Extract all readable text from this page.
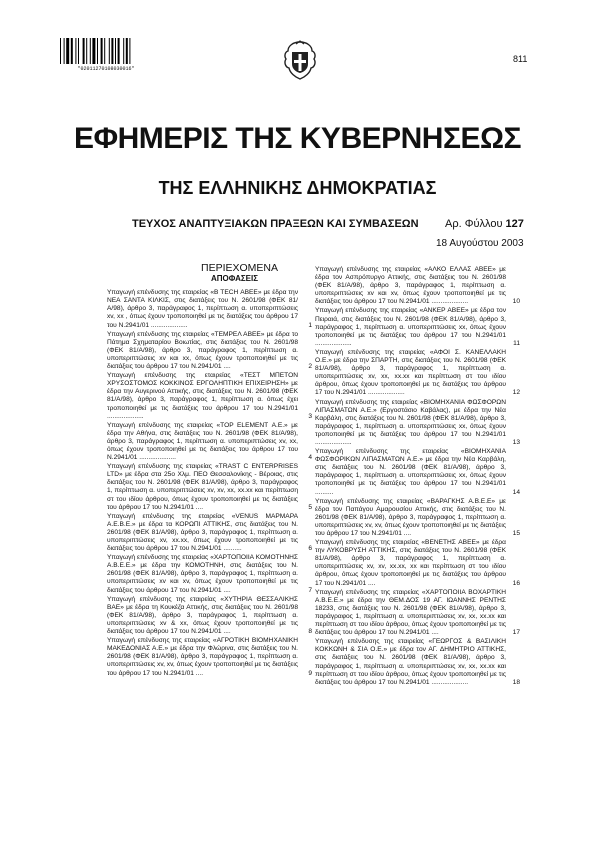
*02011270108030016*
811
ΕΦΗΜΕΡΙΣ ΤΗΣ ΚΥΒΕΡΝΗΣΕΩΣ
ΤΗΣ ΕΛΛΗΝΙΚΗΣ ΔΗΜΟΚΡΑΤΙΑΣ
ΤΕΥΧΟΣ ΑΝΑΠΤΥΞΙΑΚΩΝ ΠΡΑΞΕΩΝ ΚΑΙ ΣΥΜΒΑΣΕΩΝ Αρ. Φύλλου 127
18 Αυγούστου 2003
ΠΕΡΙΕΧΟΜΕΝΑ
ΑΠΟΦΑΣΕΙΣ
Υπαγωγή επένδυσης της εταιρείας «Β ΤΕCH ΑΒΕΕ» με έδρα την ΝΕΑ ΣΑΝΤΑ ΚΙΛΚΙΣ, στις διατάξεις του Ν. 2601/98 (ΦΕΚ 81/Α/98), άρθρο 3, παράγραφος 1, περίπτωση α. υποπεριπτώσεις xv, xx , όπως έχουν τροποποιηθεί με τις διατάξεις του άρθρου 17 του Ν.2941/01 ....................	1
Υπαγωγή επένδυσης της εταιρείας «ΤΕΜΡΕΛ ΑΒΕΕ» με έδρα το Πάτημα Σχηματαρίου Βοιωτίας, στις διατάξεις του Ν. 2601/98 (ΦΕΚ 81/Α/98), άρθρο 3, παράγραφος 1, περίπτωση α. υποπεριπτώσεις xv και xx, όπως έχουν τροποποιηθεί με τις διατάξεις του άρθρου 17 του Ν.2941/01 ....	2
Υπαγωγή επένδυσης της εταιρείας «ΤΕΣΤ ΜΠΕΤΟΝ ΧΡΥΣΟΣΤΟΜΟΣ ΚΟΚΚΙΝΟΣ ΕΡΓΟΛΗΠΤΙΚΗ ΕΠΙΧΕΙΡΗΣΗ» με έδρα την Αυγερινού Αττικής, στις διατάξεις του Ν. 2601/98 (ΦΕΚ 81/Α/98), άρθρο 3, παράγραφος 1, περίπτωση α. όπως έχει τροποποιηθεί με τις διατάξεις του άρθρου 17 του Ν.2941/01 ....................	3
Υπαγωγή επένδυσης της εταιρείας «ΤΟΡ ΕLEMENT Α.Ε.» με έδρα την Αθήνα, στις διατάξεις του Ν. 2601/98 (ΦΕΚ 81/Α/98), άρθρο 3, παράγραφος 1, περίπτωση α. υποπεριπτώσεις xv, xx, όπως έχουν τροποποιηθεί με τις διατάξεις του άρθρου 17 του Ν.2941/01 ....................	4
Υπαγωγή επένδυσης της εταιρείας «TRAST C ENTERPRISES LTD» με έδρα στα 25ο Χλμ. ΠΕΟ Θεσσαλονίκης - Βέροιας, στις διατάξεις του Ν. 2601/98 (ΦΕΚ 81/Α/98), άρθρο 3, παράγραφος 1, περίπτωση α. υποπεριπτώσεις xv, xv, xx, xx.xx και περίπτωση στ του ιδίου άρθρου, όπως έχουν τροποποιηθεί με τις διατάξεις του άρθρου 17 του Ν.2941/01 ....	5
Υπαγωγή επένδυσης της εταιρείας «VENUS ΜΑΡΜΑΡΑ Α.Ε.Β.Ε.» με έδρα τα ΚΟΡΩΠΙ ΑΤΤΙΚΗΣ, στις διατάξεις του Ν. 2601/98 (ΦΕΚ 81/Α/98), άρθρο 3, παράγραφος 1, περίπτωση α. υποπεριπτώσεις xv, xx.xx, όπως έχουν τροποποιηθεί με τις διατάξεις του άρθρου 17 του Ν.2941/01 ..........	6
Υπαγωγή επένδυσης της εταιρείας «ΧΑΡΤΟΠΟΙΙΑ ΚΟΜΟΤΗΝΗΣ Α.Β.Ε.Ε.» με έδρα την ΚΟΜΟΤΗΝΗ, στις διατάξεις του Ν. 2601/98 (ΦΕΚ 81/Α/98), άρθρο 3, παράγραφος 1, περίπτωση α. υποπεριπτώσεις xv και xv, όπως έχουν τροποποιηθεί με τις διατάξεις του άρθρου 17 του Ν.2941/01 ....	7
Υπαγωγή επένδυσης της εταιρείας «ΧΥΤΗΡΙΑ ΘΕΣΣΑΛΙΚΗΣ ΒΑΕ» με έδρα τη Κουκέζα Αττικής, στις διατάξεις του Ν. 2601/98 (ΦΕΚ 81/Α/98), άρθρο 3, παράγραφος 1, περίπτωση α. υποπεριπτώσεις xv & xx, όπως έχουν τροποποιηθεί με τις διατάξεις του άρθρου 17 του Ν.2941/01 ....	8
Υπαγωγή επένδυσης της εταιρείας «ΑΓΡΟΤΙΚΗ ΒΙΟΜΗΧΑΝΙΚΗ ΜΑΚΕΔΟΝΙΑΣ Α.Ε.» με έδρα την Φλώρινα, στις διατάξεις του Ν. 2601/98 (ΦΕΚ 81/Α/98), άρθρο 3, παράγραφος 1, περίπτωση α. υποπεριπτώσεις xv, xv, όπως έχουν τροποποιηθεί με τις διατάξεις του άρθρου 17 του Ν.2941/01 ....	9
Υπαγωγή επένδυσης της εταιρείας «ΑΛΚΟ ΕΛΛΑΣ ΑΒΕΕ» με έδρα τον Ασπρόπυργο Αττικής, στις διατάξεις του Ν. 2601/98 (ΦΕΚ 81/Α/98), άρθρο 3, παράγραφος 1, περίπτωση α. υποπεριπτώσεις xv και xv, όπως έχουν τροποποιηθεί με τις διατάξεις του άρθρου 17 του Ν.2941/01 ....................	10
Υπαγωγή επένδυσης της εταιρείας «ΑΝΚΕΡ ΑΒΕΕ» με έδρα τον Πειραιά, στις διατάξεις του Ν. 2601/98 (ΦΕΚ 81/Α/98), άρθρο 3, παράγραφος 1, περίπτωση α. υποπεριπτώσεις xx, όπως έχουν τροποποιηθεί με τις διατάξεις του άρθρου 17 του Ν.2941/01 ....................	11
Υπαγωγή επένδυσης της εταιρείας «ΑΦΟΙ Σ. ΚΑΝΕΛΛΑΚΗ Ο.Ε.» με έδρα την ΣΠΑΡΤΗ, στις διατάξεις του Ν. 2601/98 (ΦΕΚ 81/Α/98), άρθρο 3, παράγραφος 1, περίπτωση α. υποπεριπτώσεις xv, xx, xx.xx και περίπτωση στ του ιδίου άρθρου, όπως έχουν τροποποιηθεί με τις διατάξεις του άρθρου 17 του Ν.2941/01 ....................	12
Υπαγωγή επένδυσης της εταιρείας «ΒΙΟΜΗΧΑΝΙΑ ΦΩΣΦΟΡΩΝ ΛΙΠΑΣΜΑΤΩΝ Α.Ε.» (Εργοστάσιο Καβάλας), με έδρα την Νέα Καρβάλη, στις διατάξεις του Ν. 2601/98 (ΦΕΚ 81/Α/98), άρθρο 3, παράγραφος 1, περίπτωση α. υποπεριπτώσεις xx, όπως έχουν τροποποιηθεί με τις διατάξεις του άρθρου 17 του Ν.2941/01 ....................	13
Υπαγωγή επένδυσης της εταιρείας «ΒΙΟΜΗΧΑΝΙΑ ΦΩΣΦΟΡΙΚΩΝ ΛΙΠΑΣΜΑΤΩΝ Α.Ε.» με έδρα την Νέα Καρβάλη, στις διατάξεις του Ν. 2601/98 (ΦΕΚ 81/Α/98), άρθρο 3, παράγραφος 1, περίπτωση α. υποπεριπτώσεις xx, όπως έχουν τροποποιηθεί με τις διατάξεις του άρθρου 17 του Ν.2941/01 ..........	14
Υπαγωγή επένδυσης της εταιρείας «ΒΑΡΑΓΚΗΣ Α.Β.Ε.Ε» με έδρα τον Παπάγου Αμαρουσίου Αττικής, στις διατάξεις του Ν. 2601/98 (ΦΕΚ 81/Α/98), άρθρο 3, παράγραφος 1, περίπτωση α. υποπεριπτώσεις xv, xv, όπως έχουν τροποποιηθεί με τις διατάξεις του άρθρου 17 του Ν.2941/01 ....	15
Υπαγωγή επένδυσης της εταιρείας «ΒΕΝΕΤΗΣ ΑΒΕΕ» με έδρα την ΛΥΚΟΒΡΥΣΗ ΑΤΤΙΚΗΣ, στις διατάξεις του Ν. 2601/98 (ΦΕΚ 81/Α/98), άρθρο 3, παράγραφος 1, περίπτωση α. υποπεριπτώσεις xv, xv, xx.xx, xx και περίπτωση στ του ιδίου άρθρου, όπως έχουν τροποποιηθεί με τις διατάξεις του άρθρου 17 του Ν.2941/01 ....	16
Υπαγωγή επένδυσης της εταιρείας «ΧΑΡΤΟΠΟΙΙΑ ΒΟΧΑΡΤΙΚΗ Α.Β.Ε.Ε.» με έδρα την ΘΕΜ.ΔΟΣ 19 ΑΓ. ΙΩΑΝΝΗΣ ΡΕΝΤΗΣ 18233, στις διατάξεις του Ν. 2601/98 (ΦΕΚ 81/Α/98), άρθρο 3, παράγραφος 1, περίπτωση α. υποπεριπτώσεις xv, xx, xx.xx και περίπτωση στ του ιδίου άρθρου, όπως έχουν τροποποιηθεί με τις διατάξεις του άρθρου 17 του Ν.2941/01 ....	17
Υπαγωγή επένδυσης της εταιρείας «ΓΕΩΡΓΟΣ & ΒΑΣΙΛΙΚΗ ΚΟΚΚΩΝΗ & ΣΙΑ Ο.Ε.» με έδρα τον ΑΓ. ΔΗΜΗΤΡΙΟ ΑΤΤΙΚΗΣ, στις διατάξεις του Ν. 2601/98 (ΦΕΚ 81/Α/98), άρθρο 3, παράγραφος 1, περίπτωση α. υποπεριπτώσεις xv, xx, xx.xx και περίπτωση στ του ιδίου άρθρου, όπως έχουν τροποποιηθεί με τις διατάξεις του άρθρου 17 του Ν.2941/01 ....................	18
